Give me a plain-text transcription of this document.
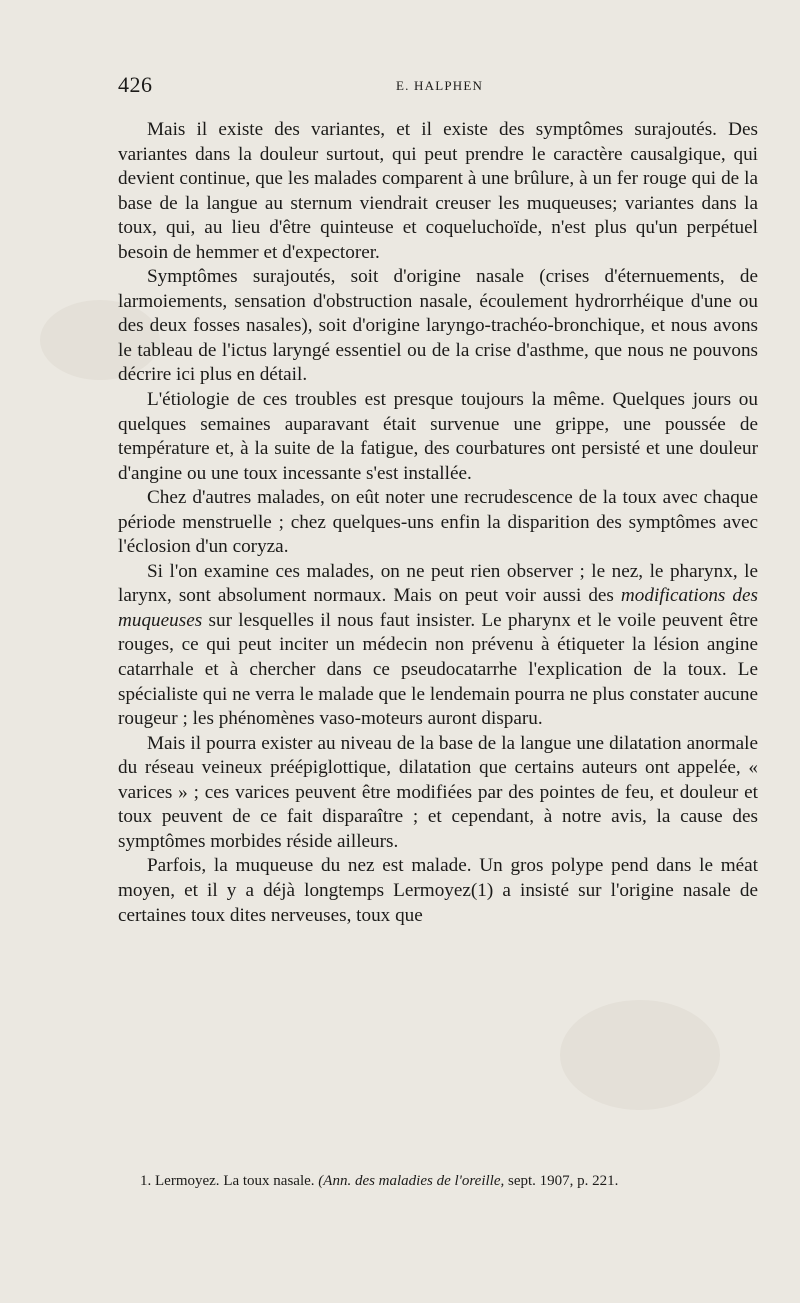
426	E. HALPHEN

Mais il existe des variantes, et il existe des symptômes surajoutés. Des variantes dans la douleur surtout, qui peut prendre le caractère causalgique, qui devient continue, que les malades comparent à une brûlure, à un fer rouge qui de la base de la langue au sternum viendrait creuser les muqueuses; variantes dans la toux, qui, au lieu d'être quinteuse et coqueluchoïde, n'est plus qu'un perpétuel besoin de hemmer et d'expectorer.

Symptômes surajoutés, soit d'origine nasale (crises d'éternuements, de larmoiements, sensation d'obstruction nasale, écoulement hydrorrhéique d'une ou des deux fosses nasales), soit d'origine laryngo-trachéo-bronchique, et nous avons le tableau de l'ictus laryngé essentiel ou de la crise d'asthme, que nous ne pouvons décrire ici plus en détail.

L'étiologie de ces troubles est presque toujours la même. Quelques jours ou quelques semaines auparavant était survenue une grippe, une poussée de température et, à la suite de la fatigue, des courbatures ont persisté et une douleur d'angine ou une toux incessante s'est installée.

Chez d'autres malades, on eût noter une recrudescence de la toux avec chaque période menstruelle ; chez quelques-uns enfin la disparition des symptômes avec l'éclosion d'un coryza.

Si l'on examine ces malades, on ne peut rien observer ; le nez, le pharynx, le larynx, sont absolument normaux. Mais on peut voir aussi des modifications des muqueuses sur lesquelles il nous faut insister. Le pharynx et le voile peuvent être rouges, ce qui peut inciter un médecin non prévenu à étiqueter la lésion angine catarrhale et à chercher dans ce pseudocatarrhe l'explication de la toux. Le spécialiste qui ne verra le malade que le lendemain pourra ne plus constater aucune rougeur ; les phénomènes vaso-moteurs auront disparu.

Mais il pourra exister au niveau de la base de la langue une dilatation anormale du réseau veineux préépiglottique, dilatation que certains auteurs ont appelée, « varices » ; ces varices peuvent être modifiées par des pointes de feu, et douleur et toux peuvent de ce fait disparaître ; et cependant, à notre avis, la cause des symptômes morbides réside ailleurs.

Parfois, la muqueuse du nez est malade. Un gros polype pend dans le méat moyen, et il y a déjà longtemps Lermoyez(1) a insisté sur l'origine nasale de certaines toux dites nerveuses, toux que

1. Lermoyez. La toux nasale. (Ann. des maladies de l'oreille, sept. 1907, p. 221.
